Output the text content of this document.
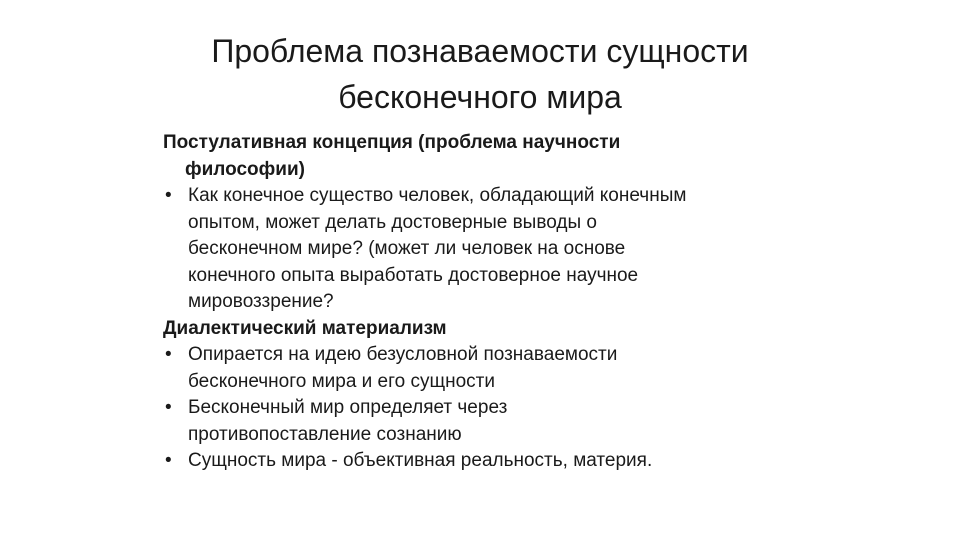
Проблема познаваемости сущности
бесконечного мира
Постулативная концепция (проблема научности
философии)
• Как конечное существо человек, обладающий конечным
опытом, может делать достоверные выводы о
бесконечном мире? (может ли человек на основе
конечного опыта выработать достоверное научное
мировоззрение?
Диалектический материализм
• Опирается на идею безусловной познаваемости
бесконечного мира и его сущности
• Бесконечный мир определяет через
противопоставление сознанию
• Сущность мира - объективная реальность, материя.
